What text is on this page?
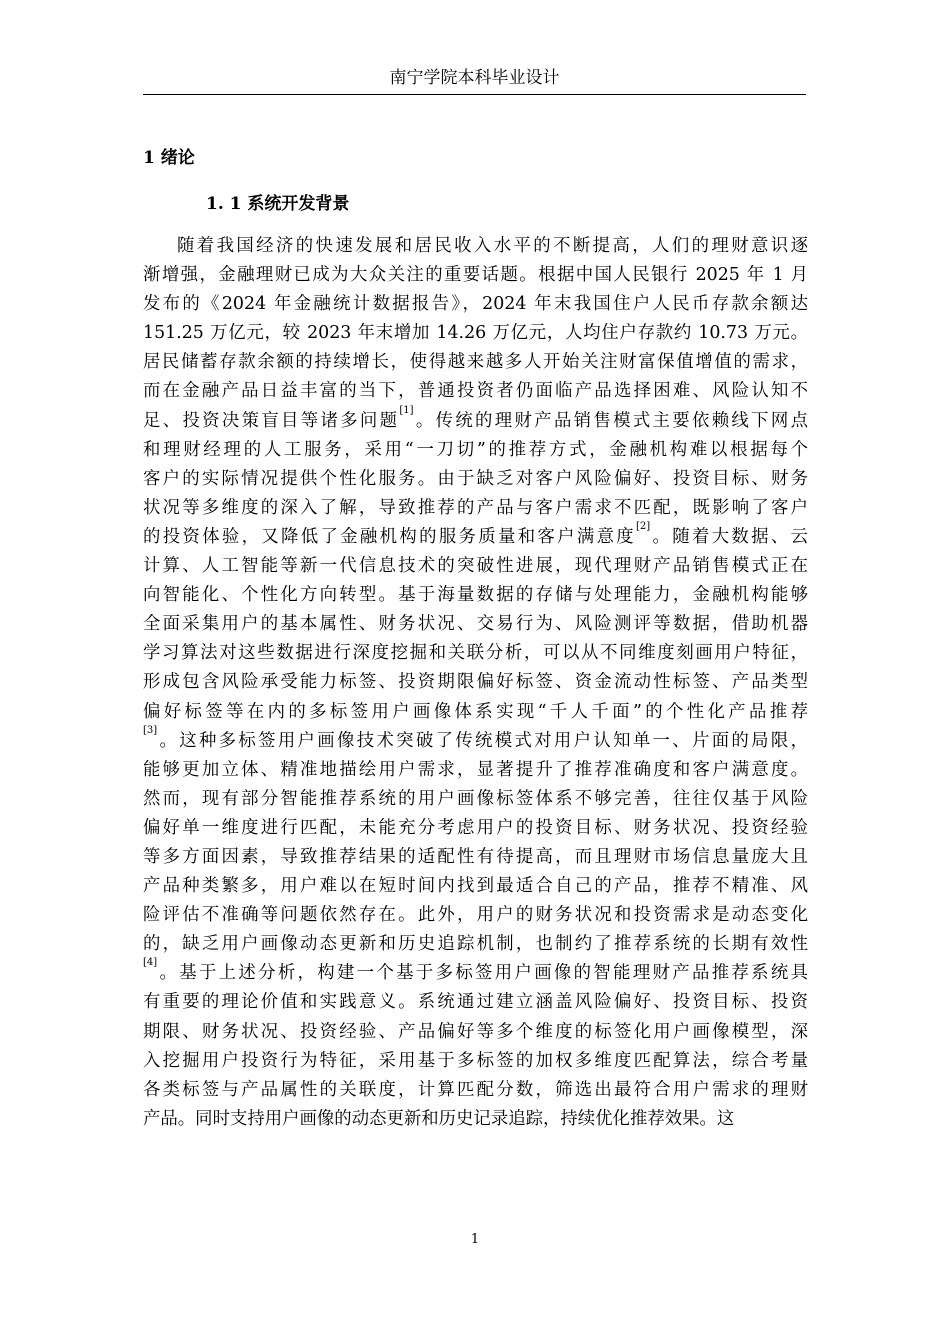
南宁学院本科毕业设计
1 绪论
1. 1 系统开发背景
随着我国经济的快速发展和居民收入水平的不断提高，人们的理财意识逐
渐增强，金融理财已成为大众关注的重要话题。根据中国人民银行 2025 年 1 月
发布的《2024 年金融统计数据报告》，2024 年末我国住户人民币存款余额达
151.25 万亿元，较 2023 年末增加 14.26 万亿元，人均住户存款约 10.73 万元。
居民储蓄存款余额的持续增长，使得越来越多人开始关注财富保值增值的需求，
而在金融产品日益丰富的当下，普通投资者仍面临产品选择困难、风险认知不
足、投资决策盲目等诸多问题[1]。传统的理财产品销售模式主要依赖线下网点
和理财经理的人工服务，采用“一刀切”的推荐方式，金融机构难以根据每个
客户的实际情况提供个性化服务。由于缺乏对客户风险偏好、投资目标、财务
状况等多维度的深入了解，导致推荐的产品与客户需求不匹配，既影响了客户
的投资体验，又降低了金融机构的服务质量和客户满意度[2]。随着大数据、云
计算、人工智能等新一代信息技术的突破性进展，现代理财产品销售模式正在
向智能化、个性化方向转型。基于海量数据的存储与处理能力，金融机构能够
全面采集用户的基本属性、财务状况、交易行为、风险测评等数据，借助机器
学习算法对这些数据进行深度挖掘和关联分析，可以从不同维度刻画用户特征，
形成包含风险承受能力标签、投资期限偏好标签、资金流动性标签、产品类型
偏好标签等在内的多标签用户画像体系实现“千人千面”的个性化产品推荐
[3]。这种多标签用户画像技术突破了传统模式对用户认知单一、片面的局限，
能够更加立体、精准地描绘用户需求，显著提升了推荐准确度和客户满意度。
然而，现有部分智能推荐系统的用户画像标签体系不够完善，往往仅基于风险
偏好单一维度进行匹配，未能充分考虑用户的投资目标、财务状况、投资经验
等多方面因素，导致推荐结果的适配性有待提高，而且理财市场信息量庞大且
产品种类繁多，用户难以在短时间内找到最适合自己的产品，推荐不精准、风
险评估不准确等问题依然存在。此外，用户的财务状况和投资需求是动态变化
的，缺乏用户画像动态更新和历史追踪机制，也制约了推荐系统的长期有效性
[4]。基于上述分析，构建一个基于多标签用户画像的智能理财产品推荐系统具
有重要的理论价值和实践意义。系统通过建立涵盖风险偏好、投资目标、投资
期限、财务状况、投资经验、产品偏好等多个维度的标签化用户画像模型，深
入挖掘用户投资行为特征，采用基于多标签的加权多维度匹配算法，综合考量
各类标签与产品属性的关联度，计算匹配分数，筛选出最符合用户需求的理财
产品。同时支持用户画像的动态更新和历史记录追踪，持续优化推荐效果。这
1
